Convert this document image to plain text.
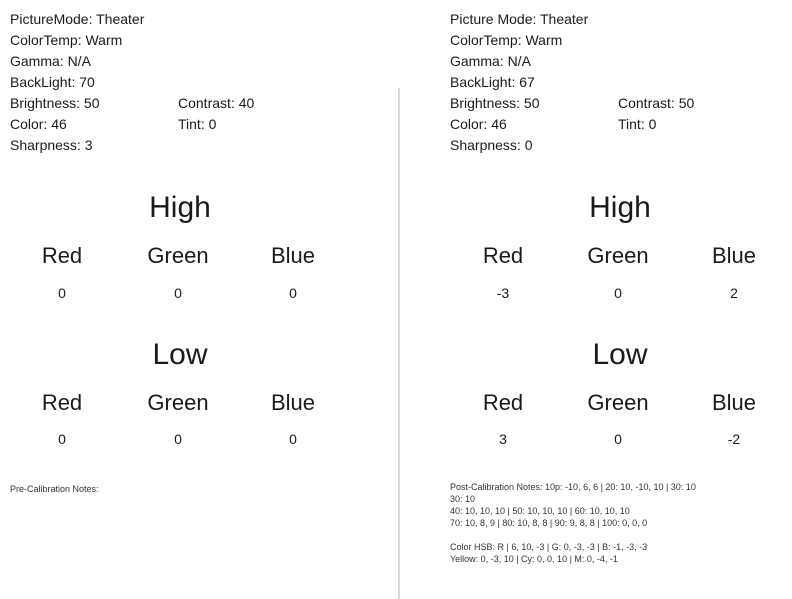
PictureMode: Theater
ColorTemp: Warm
Gamma: N/A
BackLight: 70
Brightness: 50	Contrast: 40
Color: 46	Tint: 0
Sharpness: 3
High
Red	Green	Blue
0	0	0
Low
Red	Green	Blue
0	0	0
Pre-Calibration Notes:
Picture Mode: Theater
ColorTemp: Warm
Gamma: N/A
BackLight: 67
Brightness: 50	Contrast: 50
Color: 46	Tint: 0
Sharpness: 0
High
Red	Green	Blue
-3	0	2
Low
Red	Green	Blue
3	0	-2
Post-Calibration Notes: 10p: -10, 6, 6 | 20: 10, -10, 10 | 30: 10
30: 10
40: 10, 10, 10 | 50: 10, 10, 10 | 60: 10, 10, 10
70: 10, 8, 9 | 80: 10, 8, 8 | 90: 9, 8, 8 | 100: 0, 0, 0
Color HSB: R | 6, 10, -3 | G: 0, -3, -3 | B: -1, -3, -3
Yellow: 0, -3, 10 | Cy: 0, 0, 10 | M: 0, -4, -1
